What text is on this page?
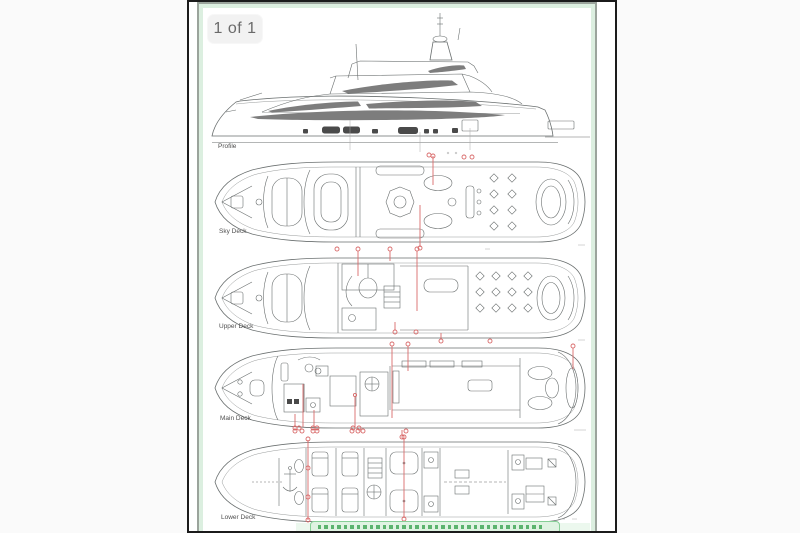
1 of 1
Profile
Sky Deck
Upper Deck
Main Deck
Lower Deck
